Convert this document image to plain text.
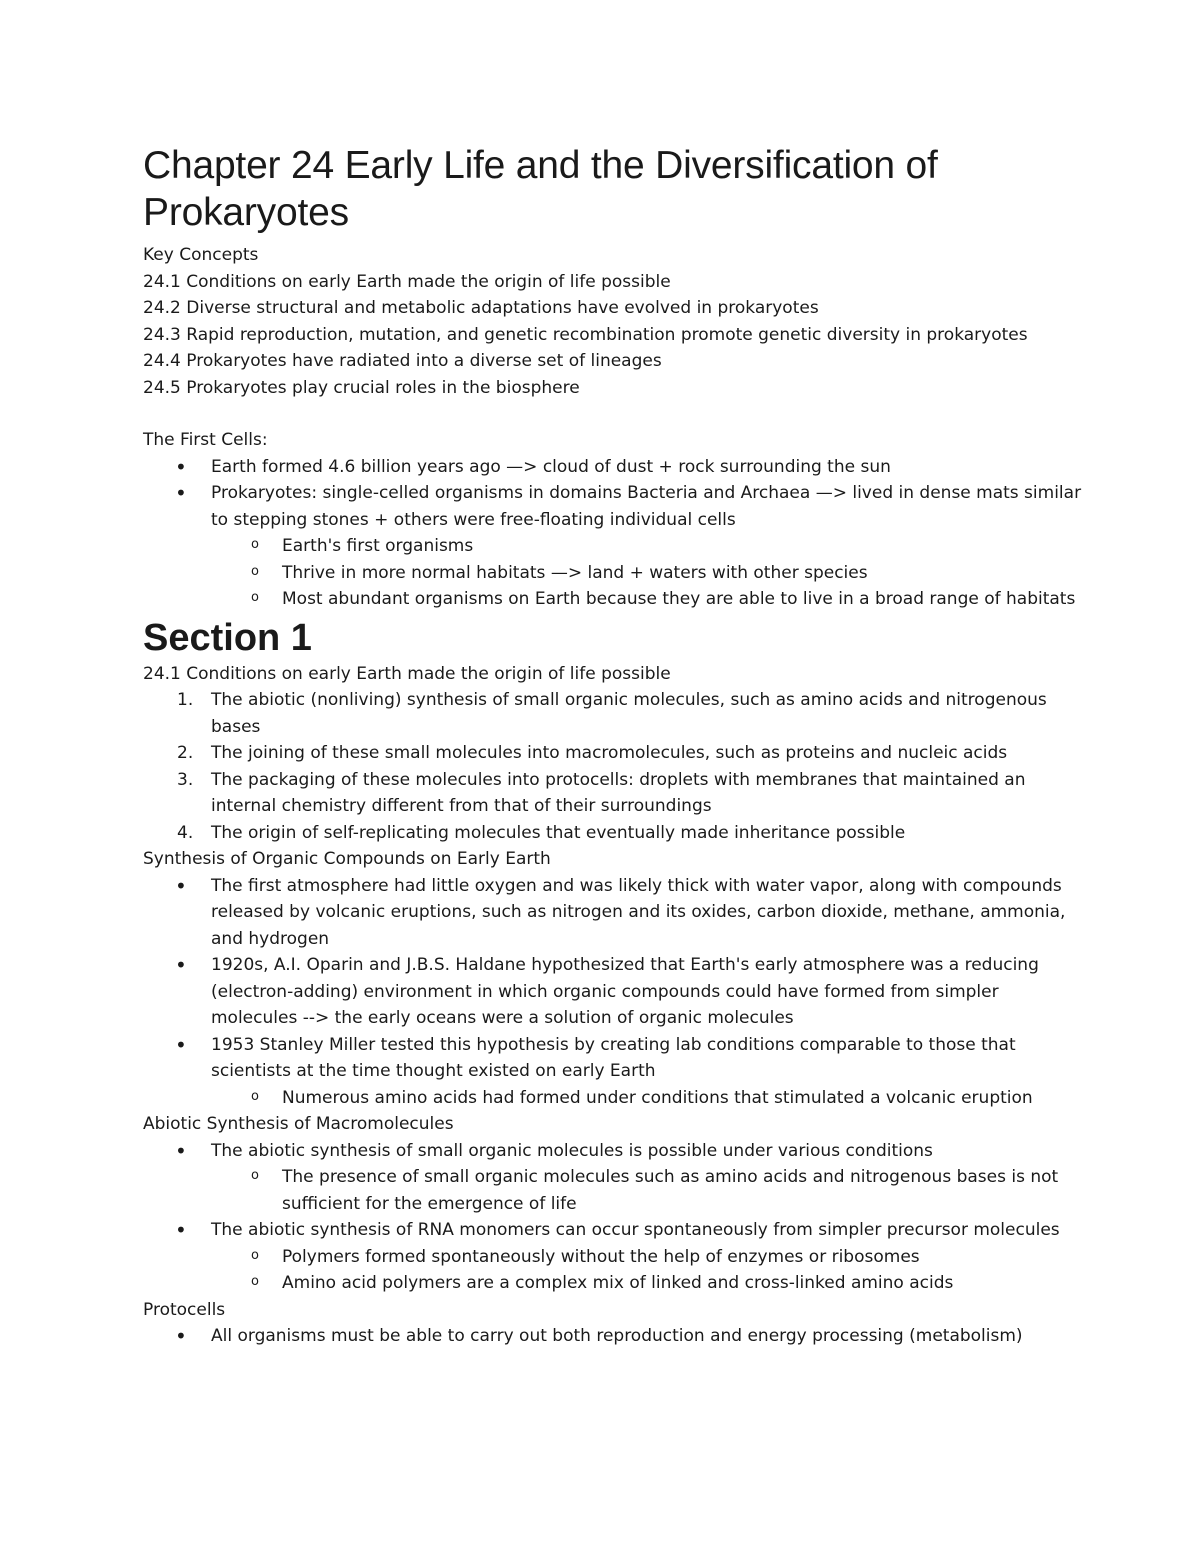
Chapter 24 Early Life and the Diversification of Prokaryotes
Key Concepts
24.1 Conditions on early Earth made the origin of life possible
24.2 Diverse structural and metabolic adaptations have evolved in prokaryotes
24.3 Rapid reproduction, mutation, and genetic recombination promote genetic diversity in prokaryotes
24.4 Prokaryotes have radiated into a diverse set of lineages
24.5 Prokaryotes play crucial roles in the biosphere
The First Cells:
• Earth formed 4.6 billion years ago —> cloud of dust + rock surrounding the sun
• Prokaryotes: single-celled organisms in domains Bacteria and Archaea —> lived in dense mats similar to stepping stones + others were free-floating individual cells
o Earth's first organisms
o Thrive in more normal habitats —> land + waters with other species
o Most abundant organisms on Earth because they are able to live in a broad range of habitats
Section 1
24.1 Conditions on early Earth made the origin of life possible
1. The abiotic (nonliving) synthesis of small organic molecules, such as amino acids and nitrogenous bases
2. The joining of these small molecules into macromolecules, such as proteins and nucleic acids
3. The packaging of these molecules into protocells: droplets with membranes that maintained an internal chemistry different from that of their surroundings
4. The origin of self-replicating molecules that eventually made inheritance possible
Synthesis of Organic Compounds on Early Earth
• The first atmosphere had little oxygen and was likely thick with water vapor, along with compounds released by volcanic eruptions, such as nitrogen and its oxides, carbon dioxide, methane, ammonia, and hydrogen
• 1920s, A.I. Oparin and J.B.S. Haldane hypothesized that Earth's early atmosphere was a reducing (electron-adding) environment in which organic compounds could have formed from simpler molecules --> the early oceans were a solution of organic molecules
• 1953 Stanley Miller tested this hypothesis by creating lab conditions comparable to those that scientists at the time thought existed on early Earth
o Numerous amino acids had formed under conditions that stimulated a volcanic eruption
Abiotic Synthesis of Macromolecules
• The abiotic synthesis of small organic molecules is possible under various conditions
o The presence of small organic molecules such as amino acids and nitrogenous bases is not sufficient for the emergence of life
• The abiotic synthesis of RNA monomers can occur spontaneously from simpler precursor molecules
o Polymers formed spontaneously without the help of enzymes or ribosomes
o Amino acid polymers are a complex mix of linked and cross-linked amino acids
Protocells
• All organisms must be able to carry out both reproduction and energy processing (metabolism)
